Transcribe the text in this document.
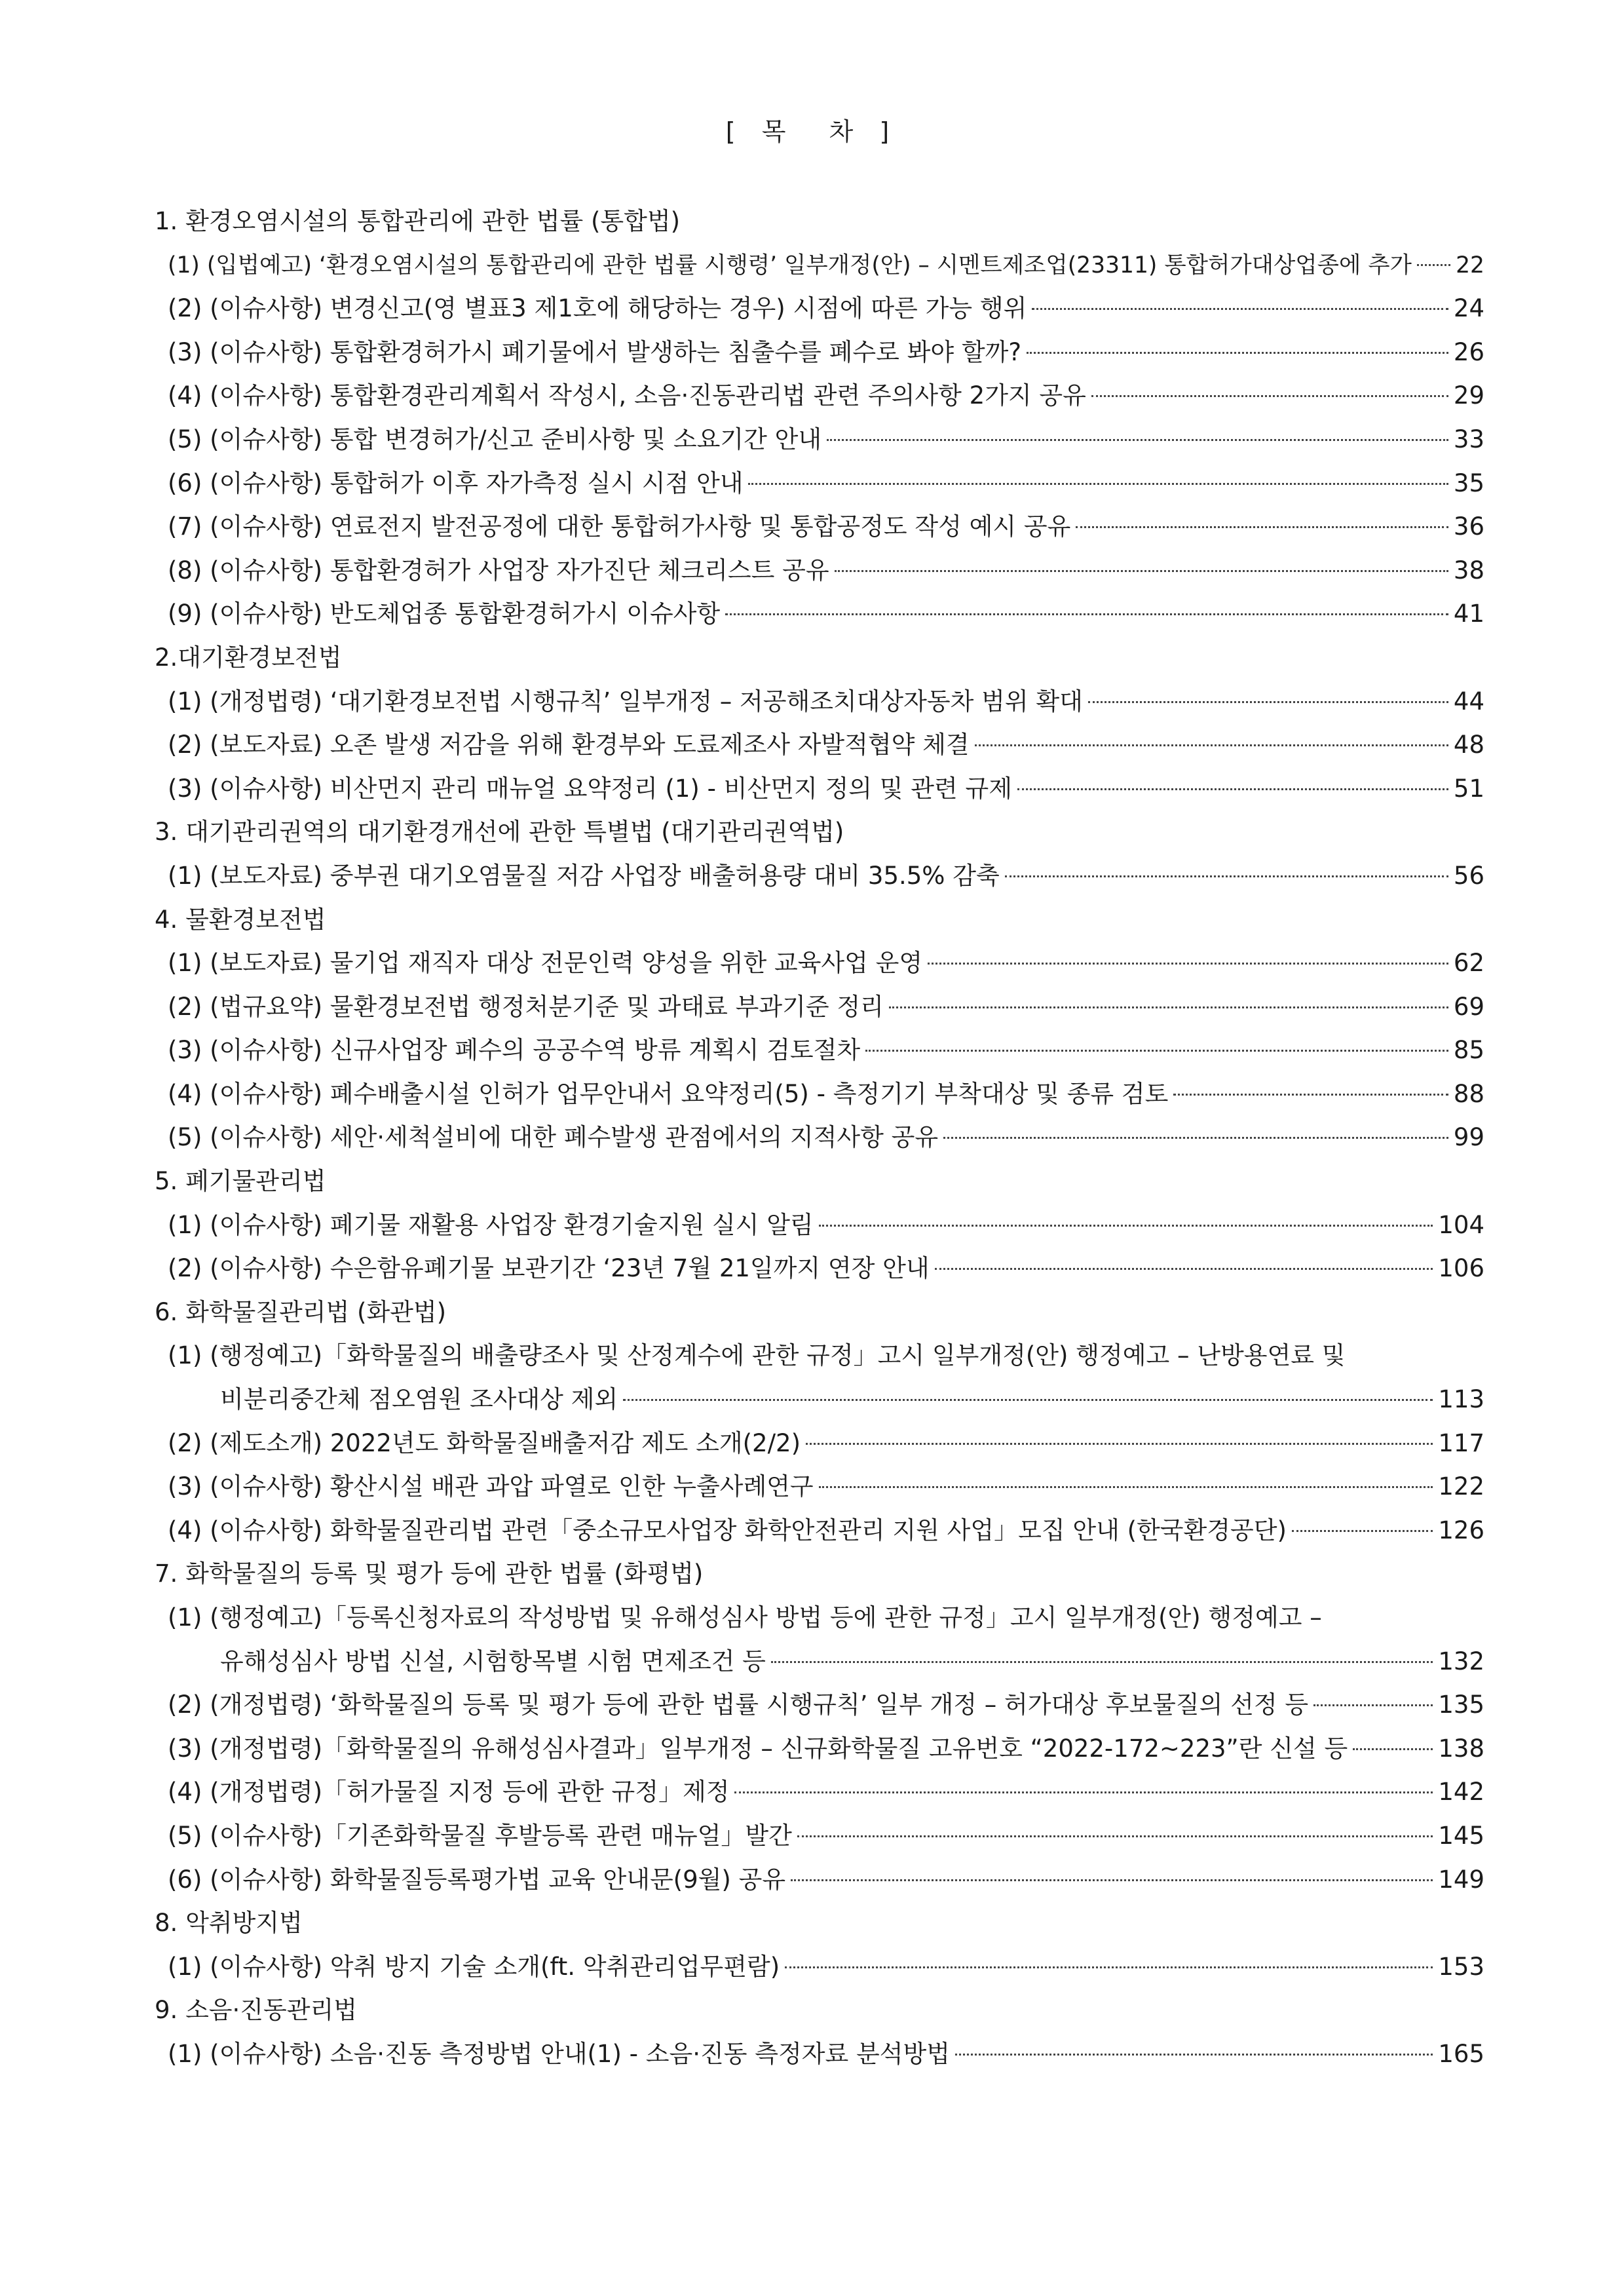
[ 목  차 ]
1. 환경오염시설의 통합관리에 관한 법률 (통합법)
(1) (입법예고) ‘환경오염시설의 통합관리에 관한 법률 시행령’ 일부개정(안) – 시멘트제조업(23311) 통합허가대상업종에 추가 22
(2) (이슈사항) 변경신고(영 별표3 제1호에 해당하는 경우) 시점에 따른 가능 행위	24
(3) (이슈사항) 통합환경허가시 폐기물에서 발생하는 침출수를 폐수로 봐야 할까?	26
(4) (이슈사항) 통합환경관리계획서 작성시, 소음·진동관리법 관련 주의사항 2가지 공유	29
(5) (이슈사항) 통합 변경허가/신고 준비사항 및 소요기간 안내	33
(6) (이슈사항) 통합허가 이후 자가측정 실시 시점 안내	35
(7) (이슈사항) 연료전지 발전공정에 대한 통합허가사항 및 통합공정도 작성 예시 공유	36
(8) (이슈사항) 통합환경허가 사업장 자가진단 체크리스트 공유	38
(9) (이슈사항) 반도체업종 통합환경허가시 이슈사항	41
2.대기환경보전법
(1) (개정법령) ‘대기환경보전법 시행규칙’ 일부개정 – 저공해조치대상자동차 범위 확대	44
(2) (보도자료) 오존 발생 저감을 위해 환경부와 도료제조사 자발적협약 체결	48
(3) (이슈사항) 비산먼지 관리 매뉴얼 요약정리 (1) - 비산먼지 정의 및 관련 규제	51
3. 대기관리권역의 대기환경개선에 관한 특별법 (대기관리권역법)
(1) (보도자료) 중부권 대기오염물질 저감 사업장 배출허용량 대비 35.5% 감축	56
4. 물환경보전법
(1) (보도자료) 물기업 재직자 대상 전문인력 양성을 위한 교육사업 운영	62
(2) (법규요약) 물환경보전법 행정처분기준 및 과태료 부과기준 정리	69
(3) (이슈사항) 신규사업장 폐수의 공공수역 방류 계획시 검토절차	85
(4) (이슈사항) 폐수배출시설 인허가 업무안내서 요약정리(5) - 측정기기 부착대상 및 종류 검토	88
(5) (이슈사항) 세안·세척설비에 대한 폐수발생 관점에서의 지적사항 공유	99
5. 폐기물관리법
(1) (이슈사항) 폐기물 재활용 사업장 환경기술지원 실시 알림	104
(2) (이슈사항) 수은함유폐기물 보관기간 ‘23년 7월 21일까지 연장 안내	106
6. 화학물질관리법 (화관법)
(1) (행정예고)「화학물질의 배출량조사 및 산정계수에 관한 규정」고시 일부개정(안) 행정예고 – 난방용연료 및
비분리중간체 점오염원 조사대상 제외	113
(2) (제도소개) 2022년도 화학물질배출저감 제도 소개(2/2)	117
(3) (이슈사항) 황산시설 배관 과압 파열로 인한 누출사례연구	122
(4) (이슈사항) 화학물질관리법 관련「중소규모사업장 화학안전관리 지원 사업」모집 안내 (한국환경공단)	126
7. 화학물질의 등록 및 평가 등에 관한 법률 (화평법)
(1) (행정예고)「등록신청자료의 작성방법 및 유해성심사 방법 등에 관한 규정」고시 일부개정(안) 행정예고 –
유해성심사 방법 신설, 시험항목별 시험 면제조건 등	132
(2) (개정법령) ‘화학물질의 등록 및 평가 등에 관한 법률 시행규칙’ 일부 개정 – 허가대상 후보물질의 선정 등	135
(3) (개정법령)「화학물질의 유해성심사결과」일부개정 – 신규화학물질 고유번호 “2022-172~223”란 신설 등	138
(4) (개정법령)「허가물질 지정 등에 관한 규정」제정	142
(5) (이슈사항)「기존화학물질 후발등록 관련 매뉴얼」발간	145
(6) (이슈사항) 화학물질등록평가법 교육 안내문(9월) 공유	149
8. 악취방지법
(1) (이슈사항) 악취 방지 기술 소개(ft. 악취관리업무편람)	153
9. 소음·진동관리법
(1) (이슈사항) 소음·진동 측정방법 안내(1) - 소음·진동 측정자료 분석방법	165
